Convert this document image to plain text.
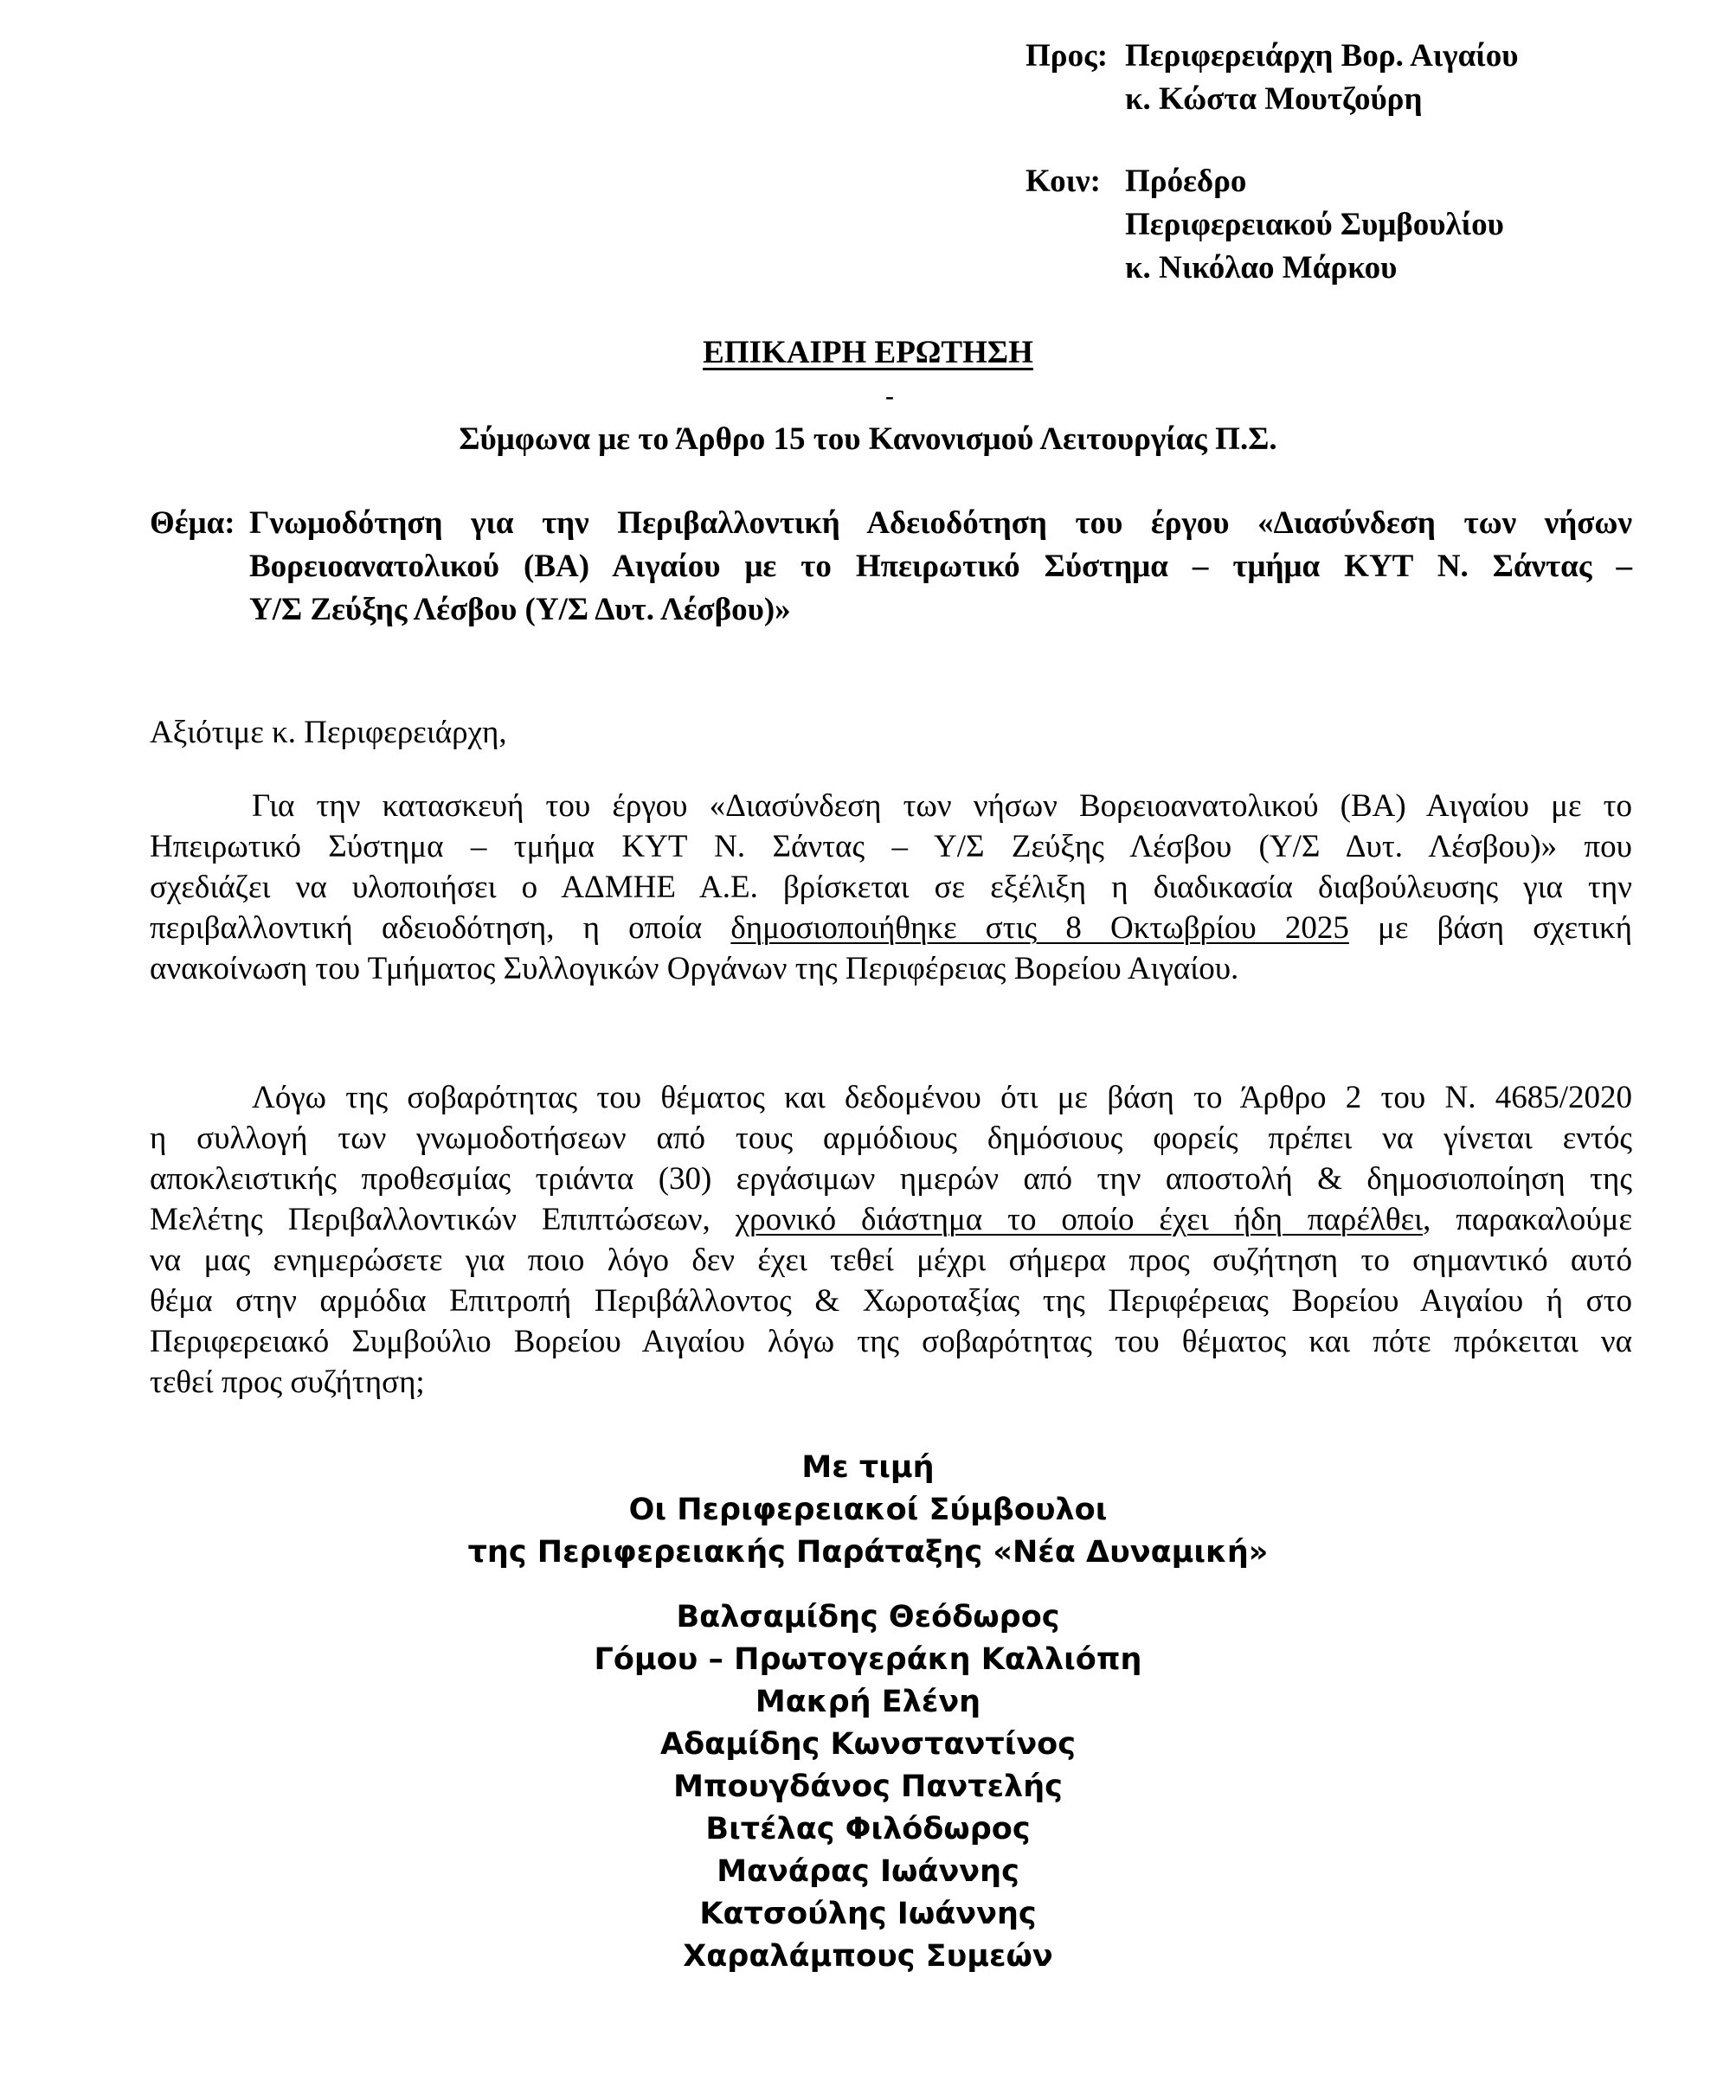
Προς: Περιφερειάρχη Βορ. Αιγαίου
κ. Κώστα Μουτζούρη
Κοιν: Πρόεδρο
Περιφερειακού Συμβουλίου
κ. Νικόλαο Μάρκου
ΕΠΙΚΑΙΡΗ ΕΡΩΤΗΣΗ
-
Σύμφωνα με το Άρθρο 15 του Κανονισμού Λειτουργίας Π.Σ.
Θέμα: Γνωμοδότηση για την Περιβαλλοντική Αδειοδότηση του έργου «Διασύνδεση των νήσων
Βορειοανατολικού (ΒΑ) Αιγαίου με το Ηπειρωτικό Σύστημα – τμήμα ΚΥΤ Ν. Σάντας –
Υ/Σ Ζεύξης Λέσβου (Υ/Σ Δυτ. Λέσβου)»
Αξιότιμε κ. Περιφερειάρχη,
Για την κατασκευή του έργου «Διασύνδεση των νήσων Βορειοανατολικού (ΒΑ) Αιγαίου με το
Ηπειρωτικό Σύστημα – τμήμα ΚΥΤ Ν. Σάντας – Υ/Σ Ζεύξης Λέσβου (Υ/Σ Δυτ. Λέσβου)» που
σχεδιάζει να υλοποιήσει ο ΑΔΜΗΕ Α.Ε. βρίσκεται σε εξέλιξη η διαδικασία διαβούλευσης για την
περιβαλλοντική αδειοδότηση, η οποία δημοσιοποιήθηκε στις 8 Οκτωβρίου 2025 με βάση σχετική
ανακοίνωση του Τμήματος Συλλογικών Οργάνων της Περιφέρειας Βορείου Αιγαίου.
Λόγω της σοβαρότητας του θέματος και δεδομένου ότι με βάση το Άρθρο 2 του Ν. 4685/2020
η συλλογή των γνωμοδοτήσεων από τους αρμόδιους δημόσιους φορείς πρέπει να γίνεται εντός
αποκλειστικής προθεσμίας τριάντα (30) εργάσιμων ημερών από την αποστολή & δημοσιοποίηση της
Μελέτης Περιβαλλοντικών Επιπτώσεων, χρονικό διάστημα το οποίο έχει ήδη παρέλθει, παρακαλούμε
να μας ενημερώσετε για ποιο λόγο δεν έχει τεθεί μέχρι σήμερα προς συζήτηση το σημαντικό αυτό
θέμα στην αρμόδια Επιτροπή Περιβάλλοντος & Χωροταξίας της Περιφέρειας Βορείου Αιγαίου ή στο
Περιφερειακό Συμβούλιο Βορείου Αιγαίου λόγω της σοβαρότητας του θέματος και πότε πρόκειται να
τεθεί προς συζήτηση;
Με τιμή
Οι Περιφερειακοί Σύμβουλοι
της Περιφερειακής Παράταξης «Νέα Δυναμική»
Βαλσαμίδης Θεόδωρος
Γόμου – Πρωτογεράκη Καλλιόπη
Μακρή Ελένη
Αδαμίδης Κωνσταντίνος
Μπουγδάνος Παντελής
Βιτέλας Φιλόδωρος
Μανάρας Ιωάννης
Κατσούλης Ιωάννης
Χαραλάμπους Συμεών
